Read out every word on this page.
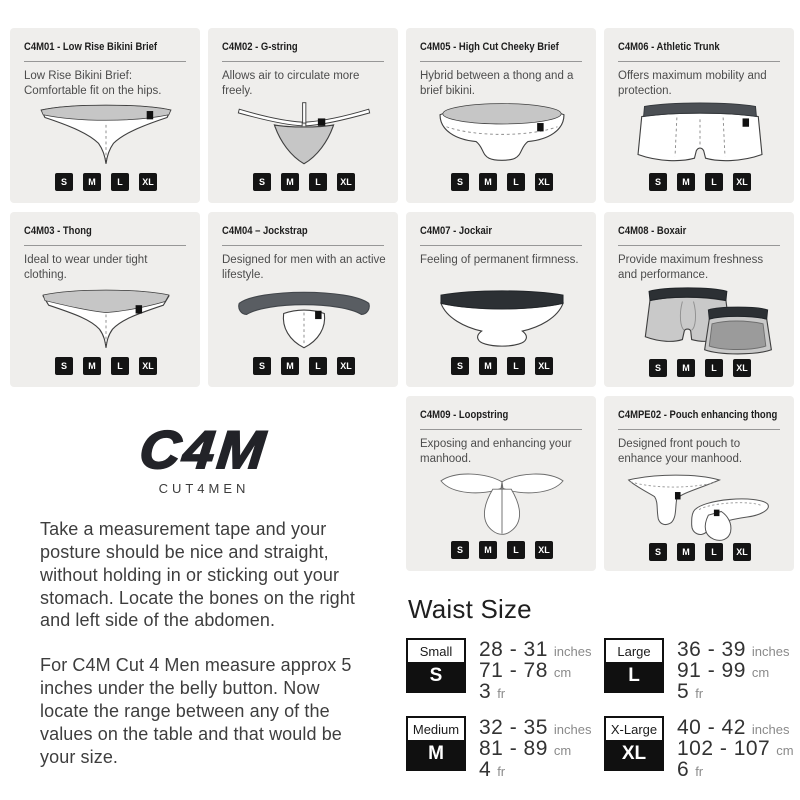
C4M01 - Low Rise Bikini Brief
Low Rise Bikini Brief: Comfortable fit on the hips.
S	M	L	XL
C4M02 - G-string
Allows air to circulate more freely.
S	M	L	XL
C4M05 - High Cut Cheeky Brief
Hybrid between a thong and a brief bikini.
S	M	L	XL
C4M06 - Athletic Trunk
Offers maximum mobility and protection.
S	M	L	XL
C4M03 - Thong
Ideal to wear under tight clothing.
S	M	L	XL
C4M04 – Jockstrap
Designed for men with an active lifestyle.
S	M	L	XL
C4M07 - Jockair
Feeling of permanent firmness.
S	M	L	XL
C4M08 - Boxair
Provide maximum freshness and performance.
S	M	L	XL
C4M
CUT4MEN

Take a measurement tape and your posture should be nice and straight, without holding in or sticking out your stomach. Locate the bones on the right and left side of the abdomen.

For C4M Cut 4 Men measure approx 5 inches under the belly button. Now locate the range between any of the values on the table and that would be your size.

C4M09 - Loopstring
Exposing and enhancing your manhood.
S	M	L	XL
C4MPE02 - Pouch enhancing thong
Designed front pouch to enhance your manhood.
S	M	L	XL
Waist Size
Small
S
28 - 31 inches
71 - 78 cm
3 fr
Large
L
36 - 39 inches
91 - 99 cm
5 fr
Medium
M
32 - 35 inches
81 - 89 cm
4 fr
X-Large
XL
40 - 42 inches
102 - 107 cm
6 fr
